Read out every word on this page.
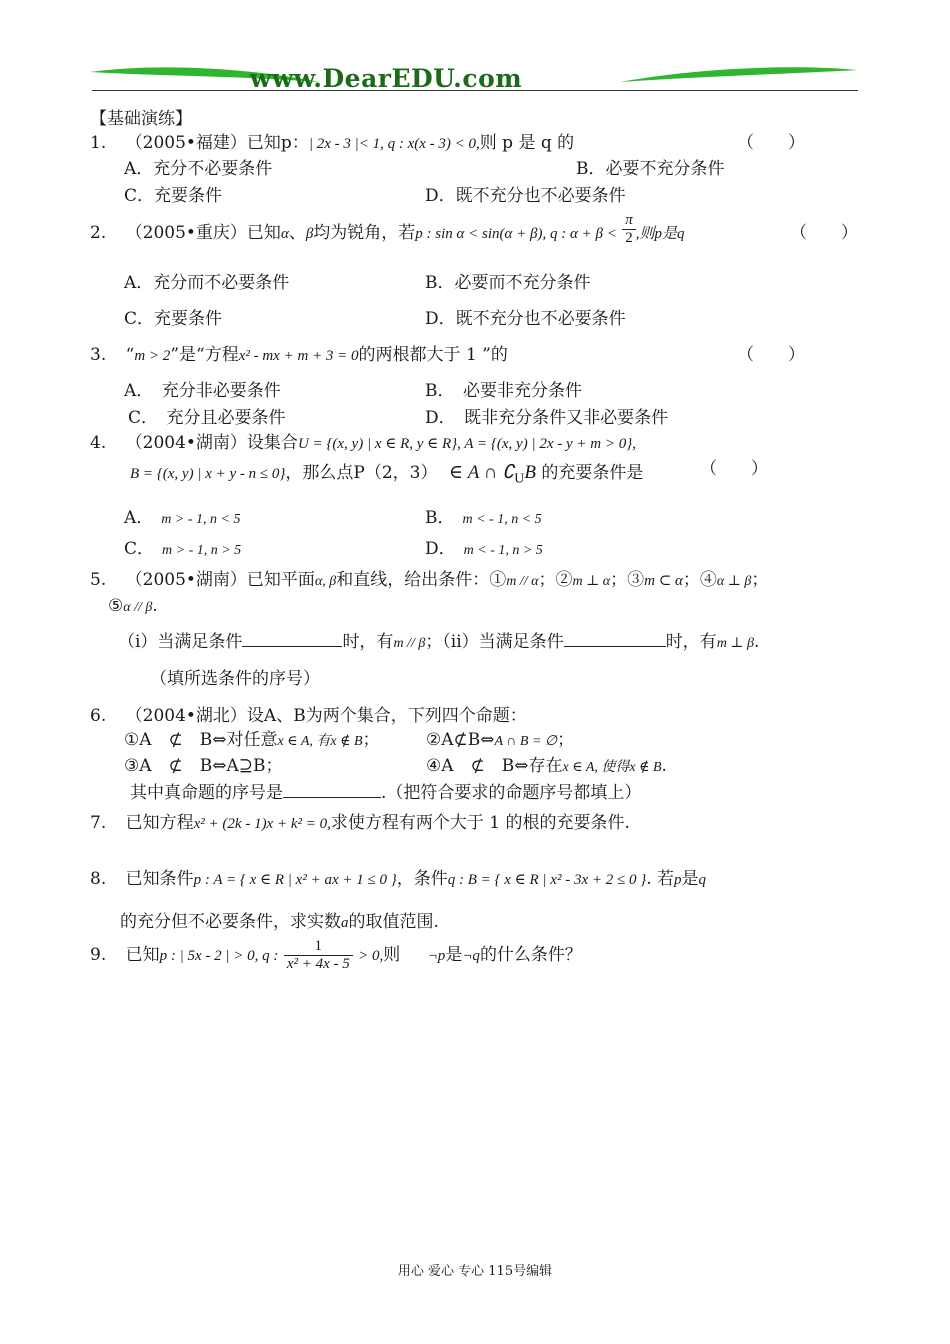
www.DearEDU.com
【基础演练】
1. （2005•福建）已知p：| 2x - 3 |< 1, q : x(x - 3) < 0,则 p 是 q 的	（　　）
A．充分不必要条件	B．必要不充分条件
C．充要条件	D．既不充分也不必要条件
2. （2005•重庆）已知α、β均为锐角，若p : sin α < sin(α + β), q : $\alpha + \beta < \frac{\pi}{2}$ ,则p是q	（　　）
A．充分而不必要条件	B．必要而不充分条件
C．充要条件	D．既不充分也不必要条件
3. “m > 2”是“方程x² - mx + m + 3 = 0的两根都大于 1 ”的	（　　）
A．　充分非必要条件	B．　必要非充分条件
C．　充分且必要条件	D．　既非充分条件又非必要条件
4. （2004•湖南）设集合U = {(x, y) | x ∈ R, y ∈ R}, A = {(x, y) | 2x - y + m > 0},
B = {(x, y) | x + y - n ≤ 0}，那么点P（2，3） ∈ A ∩ $∁_UB$ 的充要条件是	（　　）
A． m > - 1, n < 5	B． m < - 1, n < 5
C． m > - 1, n > 5	D． m < - 1, n > 5
5. （2005•湖南）已知平面α, β和直线，给出条件：①m // α；②m ⊥ α；③m ⊂ α；④α ⊥ β；
⑤α // β.
（i）当满足条件	时，有m // β；（ii）当满足条件	时，有m ⊥ β.
（填所选条件的序号）
6. （2004•湖北）设A、B为两个集合，下列四个命题：
①A　⊄　B⇔对任意x ∈ A, 有x ∉ B；	②A⊄B⇔A ∩ B = ∅；
③A　⊄　B⇔A⊇B；	④A　⊄　B⇔存在x ∈ A, 使得x ∉ B.
其中真命题的序号是	.（把符合要求的命题序号都填上）
7. 已知方程x² + (2k - 1)x + k² = 0,求使方程有两个大于 1 的根的充要条件.
8. 已知条件p : A = { x ∈ R | x² + ax + 1 ≤ 0 }，条件q : B = { x ∈ R | x² - 3x + 2 ≤ 0 }. 若p是q
的充分但不必要条件，求实数a的取值范围.
9. 已知p : | 5x - 2 | > 0, q : $\frac{1}{\text{x² + 4x - 5}} > 0$,则 ¬p是¬q的什么条件？
用心 爱心 专心 115号编辑
